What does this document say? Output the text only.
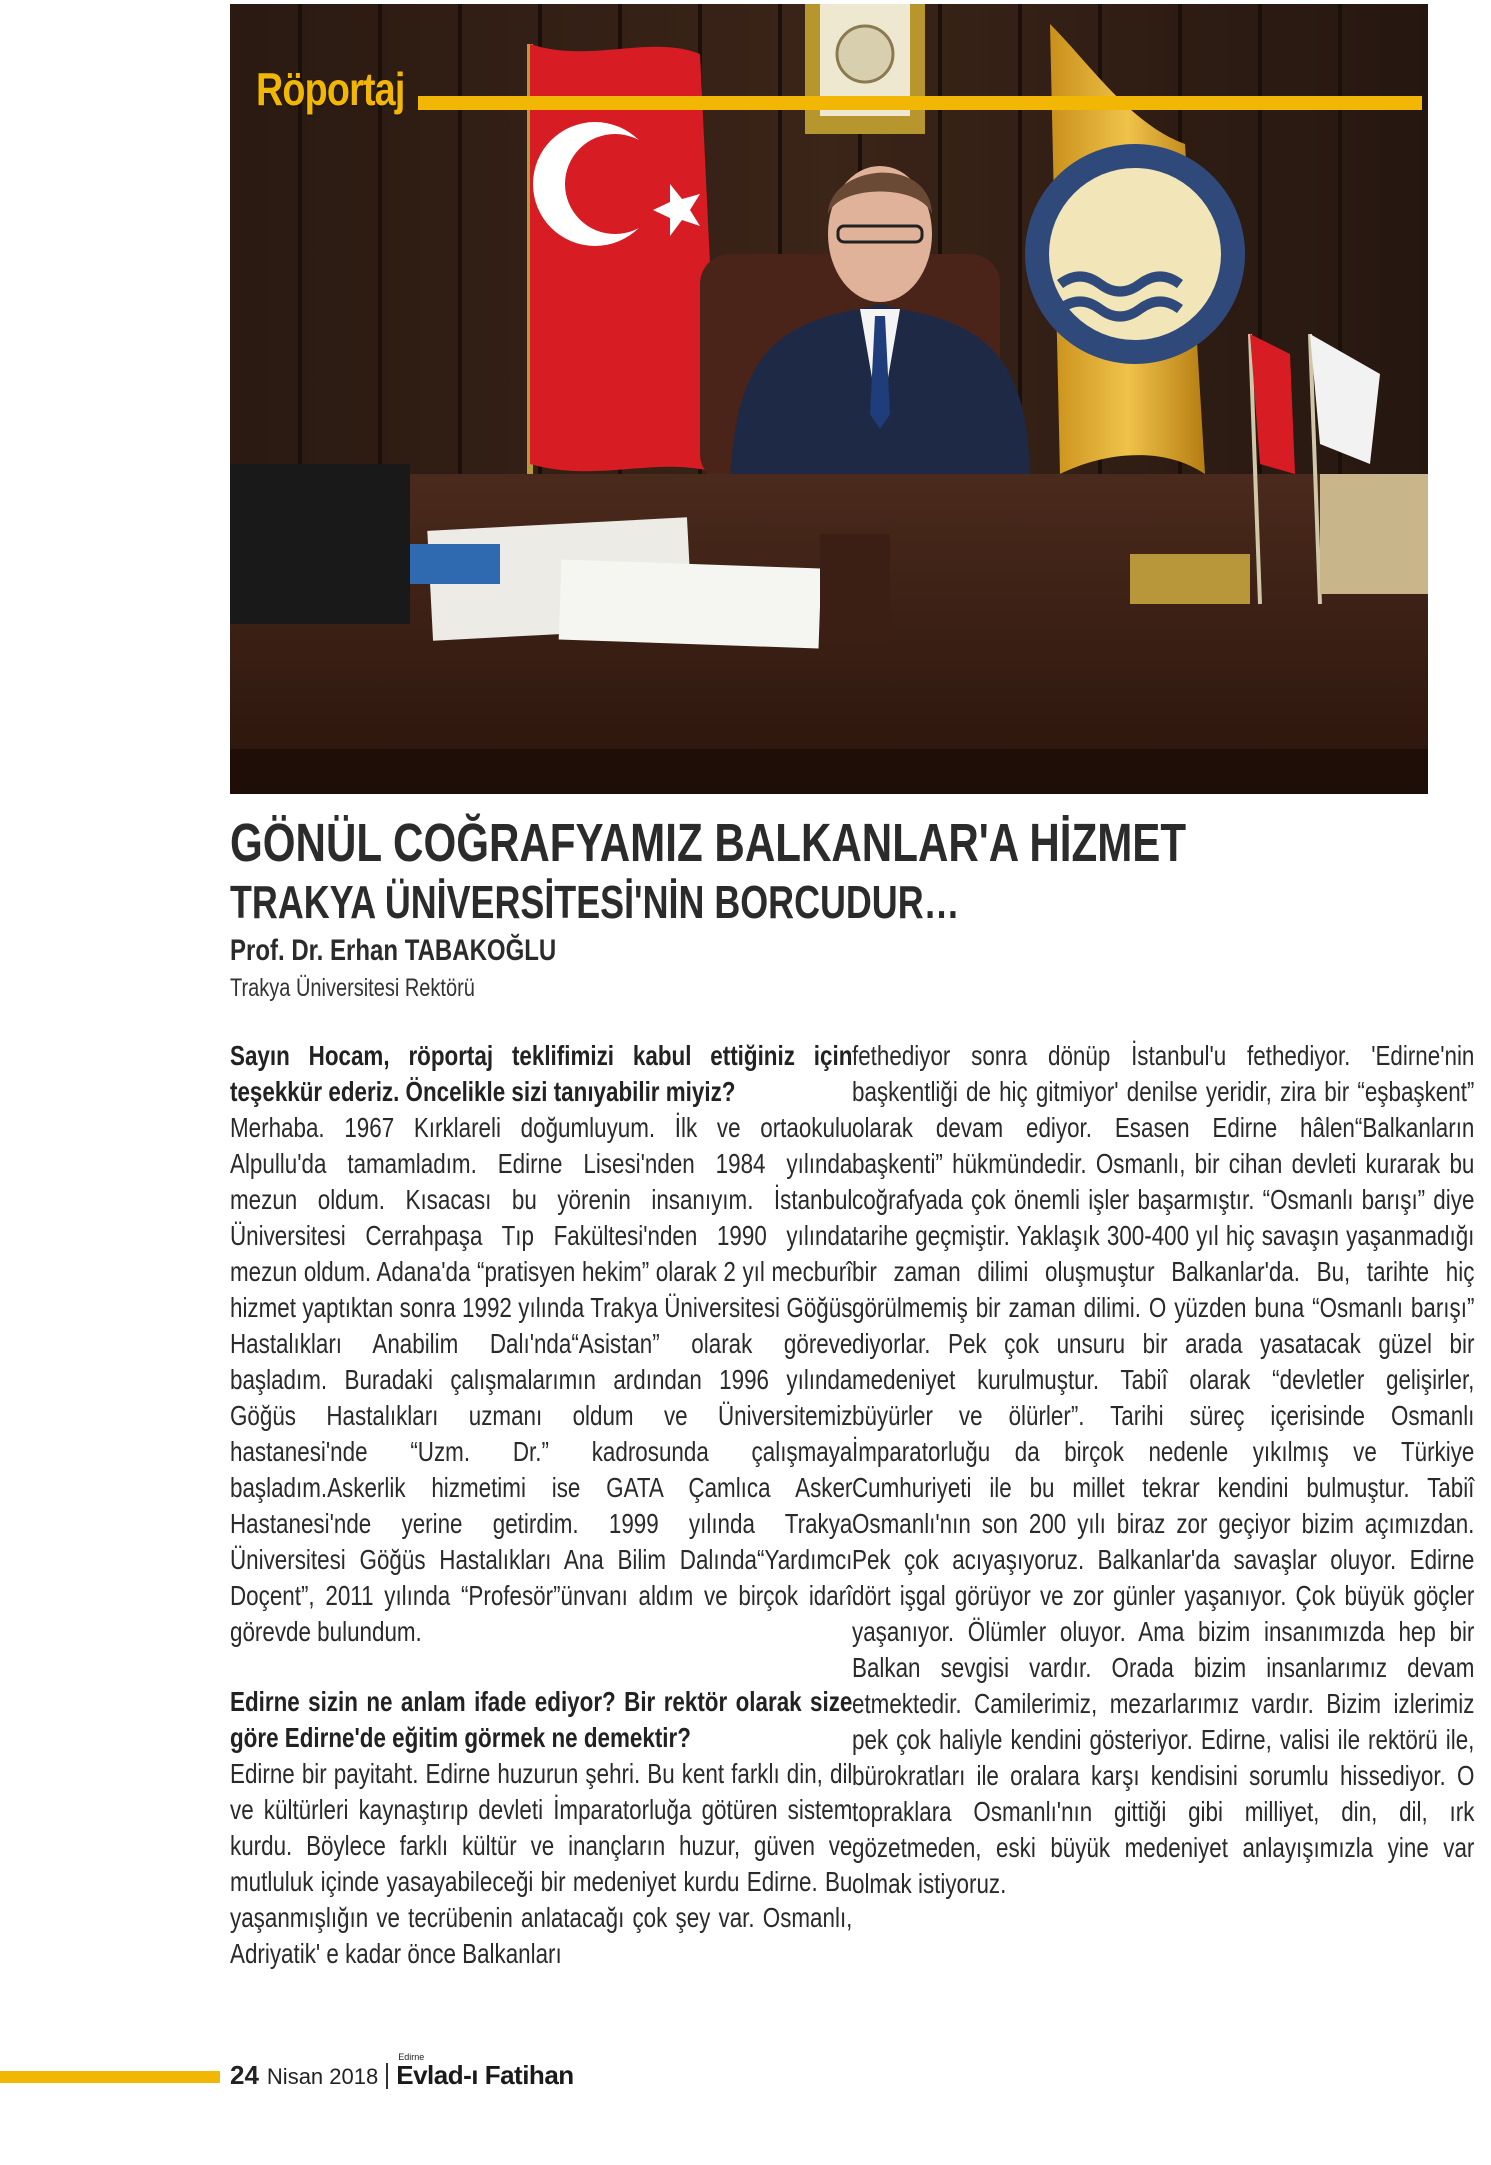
Röportaj
GÖNÜL COĞRAFYAMIZ BALKANLAR'A HİZMET
TRAKYA ÜNİVERSİTESİ'NİN BORCUDUR…
Prof. Dr. Erhan TABAKOĞLU
Trakya Üniversitesi Rektörü

Sayın Hocam, röportaj teklifimizi kabul ettiğiniz için teşekkür ederiz. Öncelikle sizi tanıyabilir miyiz?

Merhaba. 1967 Kırklareli doğumluyum. İlk ve ortaokulu Alpullu'da tamamladım. Edirne Lisesi'nden 1984 yılında mezun oldum. Kısacası bu yörenin insanıyım. İstanbul Üniversitesi Cerrahpaşa Tıp Fakültesi'nden 1990 yılında mezun oldum. Adana'da “pratisyen hekim” olarak 2 yıl mecburî hizmet yaptıktan sonra 1992 yılında Trakya Üniversitesi Göğüs Hastalıkları Anabilim Dalı'nda“Asistan” olarak göreve başladım. Buradaki çalışmalarımın ardından 1996 yılında Göğüs Hastalıkları uzmanı oldum ve Üniversitemiz hastanesi'nde “Uzm. Dr.” kadrosunda çalışmaya başladım.Askerlik hizmetimi ise GATA Çamlıca Asker Hastanesi'nde yerine getirdim. 1999 yılında Trakya Üniversitesi Göğüs Hastalıkları Ana Bilim Dalında“Yardımcı Doçent”, 2011 yılında “Profesör”ünvanı aldım ve birçok idarî görevde bulundum.

Edirne sizin ne anlam ifade ediyor? Bir rektör olarak size göre Edirne'de eğitim görmek ne demektir?

Edirne bir payitaht. Edirne huzurun şehri. Bu kent farklı din, dil ve kültürleri kaynaştırıp devleti İmparatorluğa götüren sistem kurdu. Böylece farklı kültür ve inançların huzur, güven ve mutluluk içinde yasayabileceği bir medeniyet kurdu Edirne. Bu yaşanmışlığın ve tecrübenin anlatacağı çok şey var. Osmanlı, Adriyatik' e kadar önce Balkanları

fethediyor sonra dönüp İstanbul'u fethediyor. 'Edirne'nin başkentliği de hiç gitmiyor' denilse yeridir, zira bir “eşbaşkent” olarak devam ediyor. Esasen Edirne hâlen“Balkanların başkenti” hükmündedir. Osmanlı, bir cihan devleti kurarak bu coğrafyada çok önemli işler başarmıştır. “Osmanlı barışı” diye tarihe geçmiştir. Yaklaşık 300-400 yıl hiç savaşın yaşanmadığı bir zaman dilimi oluşmuştur Balkanlar'da. Bu, tarihte hiç görülmemiş bir zaman dilimi. O yüzden buna “Osmanlı barışı” diyorlar. Pek çok unsuru bir arada yasatacak güzel bir medeniyet kurulmuştur. Tabiî olarak “devletler gelişirler, büyürler ve ölürler”. Tarihi süreç içerisinde Osmanlı İmparatorluğu da birçok nedenle yıkılmış ve Türkiye Cumhuriyeti ile bu millet tekrar kendini bulmuştur. Tabiî Osmanlı'nın son 200 yılı biraz zor geçiyor bizim açımızdan. Pek çok acıyaşıyoruz. Balkanlar'da savaşlar oluyor. Edirne dört işgal görüyor ve zor günler yaşanıyor. Çok büyük göçler yaşanıyor. Ölümler oluyor. Ama bizim insanımızda hep bir Balkan sevgisi vardır. Orada bizim insanlarımız devam etmektedir. Camilerimiz, mezarlarımız vardır. Bizim izlerimiz pek çok haliyle kendini gösteriyor. Edirne, valisi ile rektörü ile, bürokratları ile oralara karşı kendisini sorumlu hissediyor. O topraklara Osmanlı'nın gittiği gibi milliyet, din, dil, ırk gözetmeden, eski büyük medeniyet anlayışımızla yine var olmak istiyoruz.

24 Nisan 2018
Edirne
Evlad-ı Fatihan
